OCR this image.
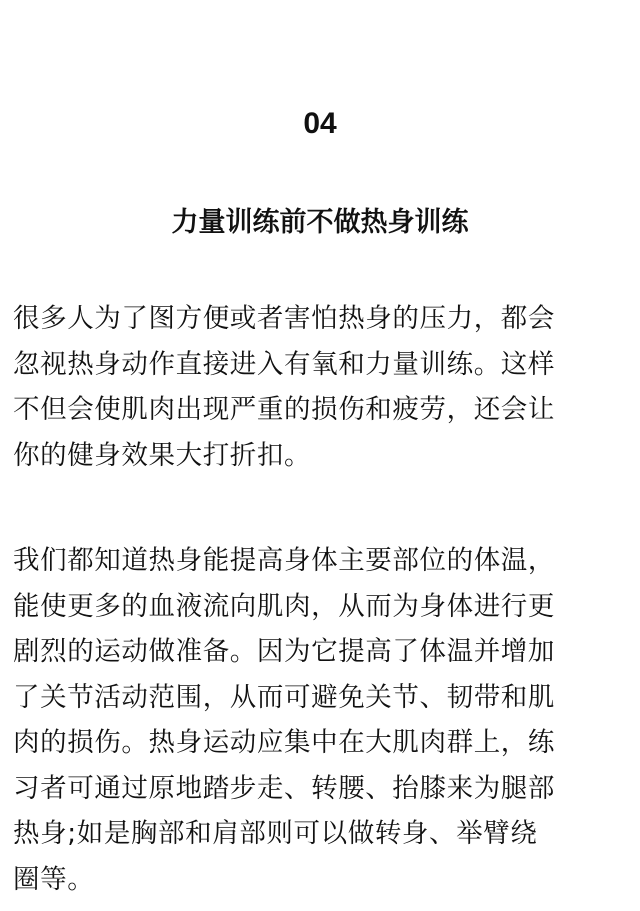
04
力量训练前不做热身训练

很多人为了图方便或者害怕热身的压力，都会
忽视热身动作直接进入有氧和力量训练。这样
不但会使肌肉出现严重的损伤和疲劳，还会让
你的健身效果大打折扣。

我们都知道热身能提高身体主要部位的体温，
能使更多的血液流向肌肉，从而为身体进行更
剧烈的运动做准备。因为它提高了体温并增加
了关节活动范围，从而可避免关节、韧带和肌
肉的损伤。热身运动应集中在大肌肉群上，练
习者可通过原地踏步走、转腰、抬膝来为腿部
热身;如是胸部和肩部则可以做转身、举臂绕
圈等。
